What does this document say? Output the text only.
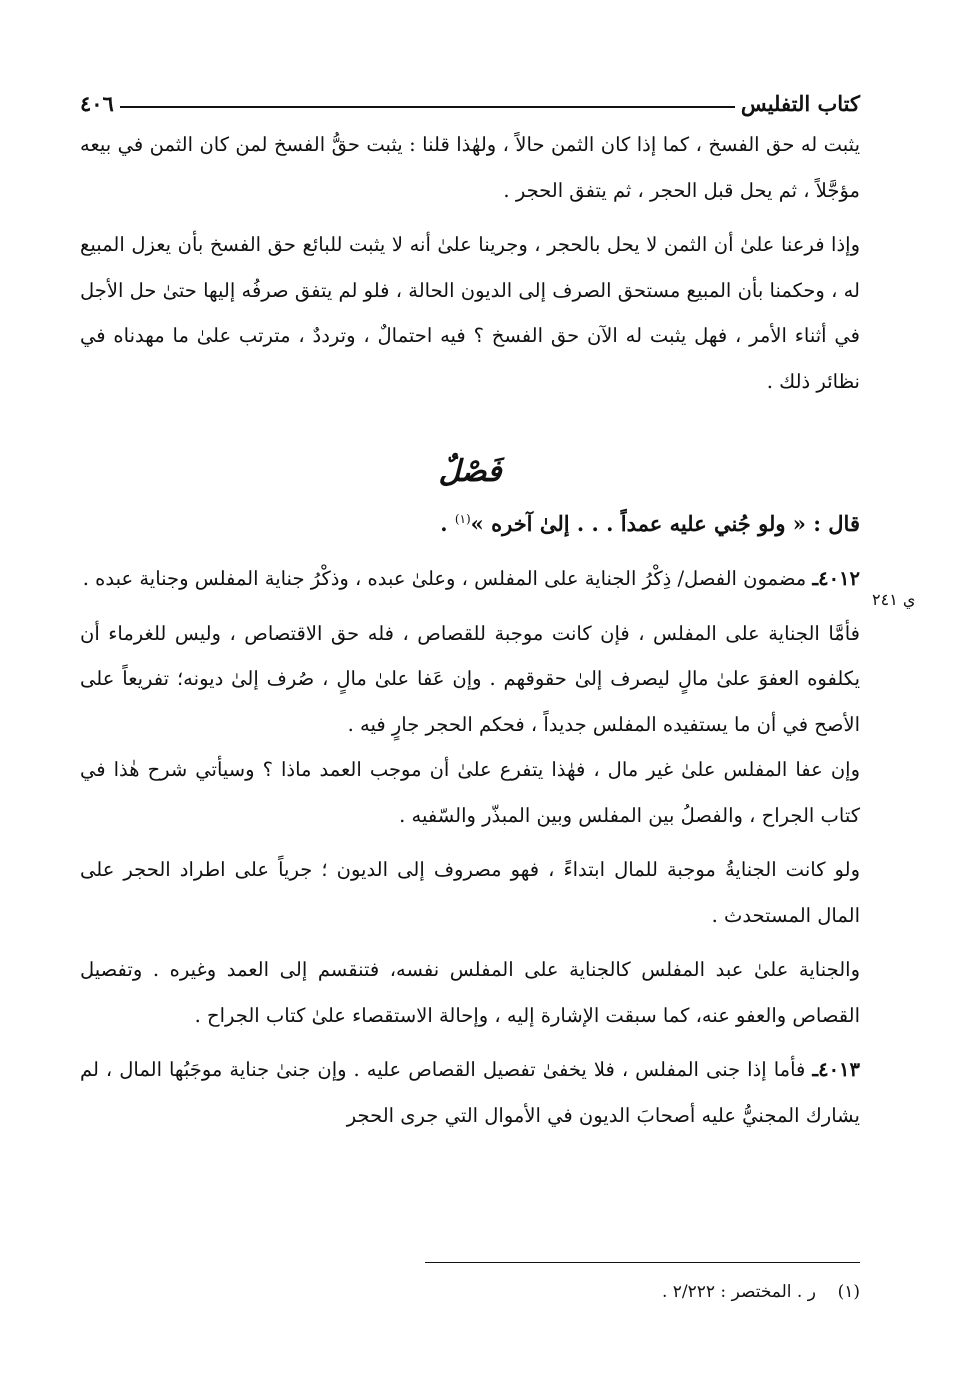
كتاب التفليس
٤٠٦

يثبت له حق الفسخ ، كما إذا كان الثمن حالاً ، ولهٰذا قلنا : يثبت حقُّ الفسخ لمن كان الثمن في بيعه مؤجَّلاً ، ثم يحل قبل الحجر ، ثم يتفق الحجر .

وإذا فرعنا علىٰ أن الثمن لا يحل بالحجر ، وجرينا علىٰ أنه لا يثبت للبائع حق الفسخ بأن يعزل المبيع له ، وحكمنا بأن المبيع مستحق الصرف إلى الديون الحالة ، فلو لم يتفق صرفُه إليها حتىٰ حل الأجل في أثناء الأمر ، فهل يثبت له الآن حق الفسخ ؟ فيه احتمالٌ ، وترددٌ ، مترتب علىٰ ما مهدناه في نظائر ذلك .

فَصْلٌ
قال : « ولو جُني عليه عمداً . . . إلىٰ آخره »$^{(١)}$ .

٤٠١٢ـ مضمون الفصل/ ذِكْرُ الجناية على المفلس ، وعلىٰ عبده ، وذكْرُ جناية المفلس وجناية عبده .

فأمَّا الجناية على المفلس ، فإن كانت موجبة للقصاص ، فله حق الاقتصاص ، وليس للغرماء أن يكلفوه العفوَ علىٰ مالٍ ليصرف إلىٰ حقوقهم . وإن عَفا علىٰ مالٍ ، صُرف إلىٰ ديونه؛ تفريعاً على الأصح في أن ما يستفيده المفلس جديداً ، فحكم الحجر جارٍ فيه .

وإن عفا المفلس علىٰ غير مال ، فهٰذا يتفرع علىٰ أن موجب العمد ماذا ؟ وسيأتي شرح هٰذا في كتاب الجراح ، والفصلُ بين المفلس وبين المبذّر والسّفيه .

ولو كانت الجنايةُ موجبة للمال ابتداءً ، فهو مصروف إلى الديون ؛ جرياً على اطراد الحجر على المال المستحدث .

والجناية علىٰ عبد المفلس كالجناية على المفلس نفسه، فتنقسم إلى العمد وغيره . وتفصيل القصاص والعفو عنه، كما سبقت الإشارة إليه ، وإحالة الاستقصاء علىٰ كتاب الجراح .

٤٠١٣ـ فأما إذا جنى المفلس ، فلا يخفىٰ تفصيل القصاص عليه . وإن جنىٰ جناية موجَبُها المال ، لم يشارك المجنيُّ عليه أصحابَ الديون في الأموال التي جرى الحجر

ي ٢٤١
(١)    ر . المختصر : ٢/٢٢٢ .
